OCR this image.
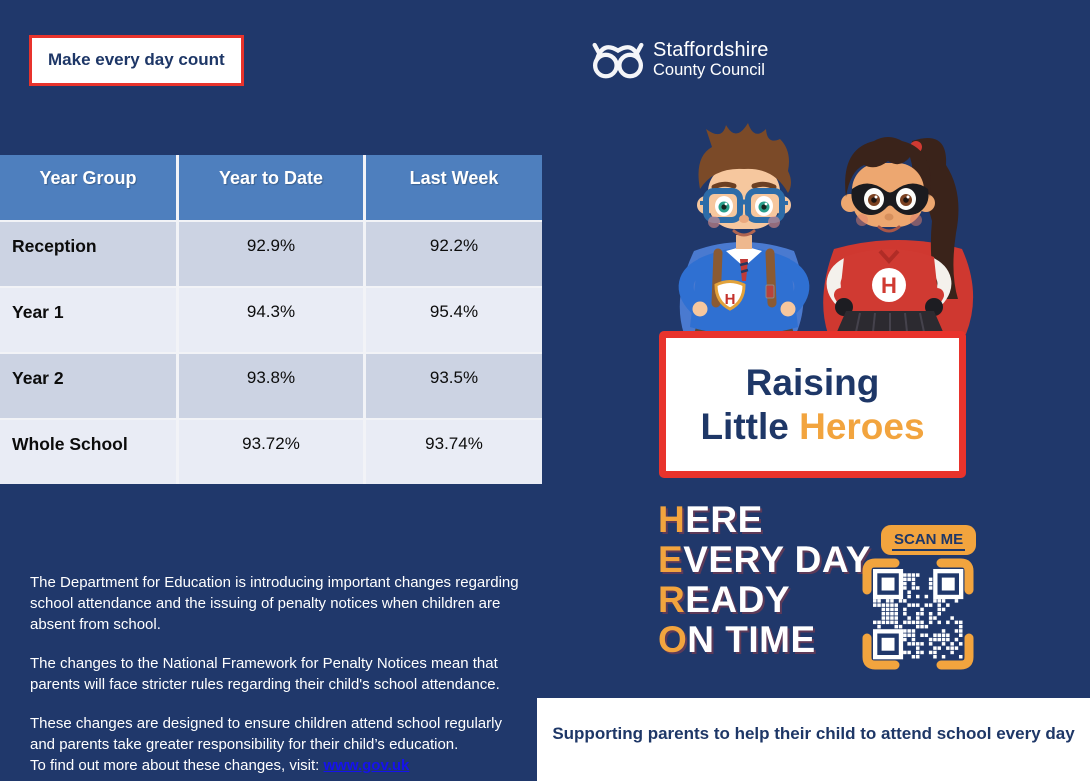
Make every day count	Staffordshire
County Council
Year Group	Year to Date	Last Week
Reception	92.9%	92.2%
Year 1	94.3%	95.4%
Year 2	93.8%	93.5%
Whole School	93.72%	93.74%

The Department for Education is introducing important changes regarding school attendance and the issuing of penalty notices when children are absent from school.

The changes to the National Framework for Penalty Notices mean that parents will face stricter rules regarding their child's school attendance.

These changes are designed to ensure children attend school regularly and parents take greater responsibility for their child’s education.
To find out more about these changes, visit: www.gov.uk

H
H
Raising
Little Heroes
HERE
EVERY DAY
READY
ON TIME
SCAN ME
Supporting parents to help their child to attend school every day
